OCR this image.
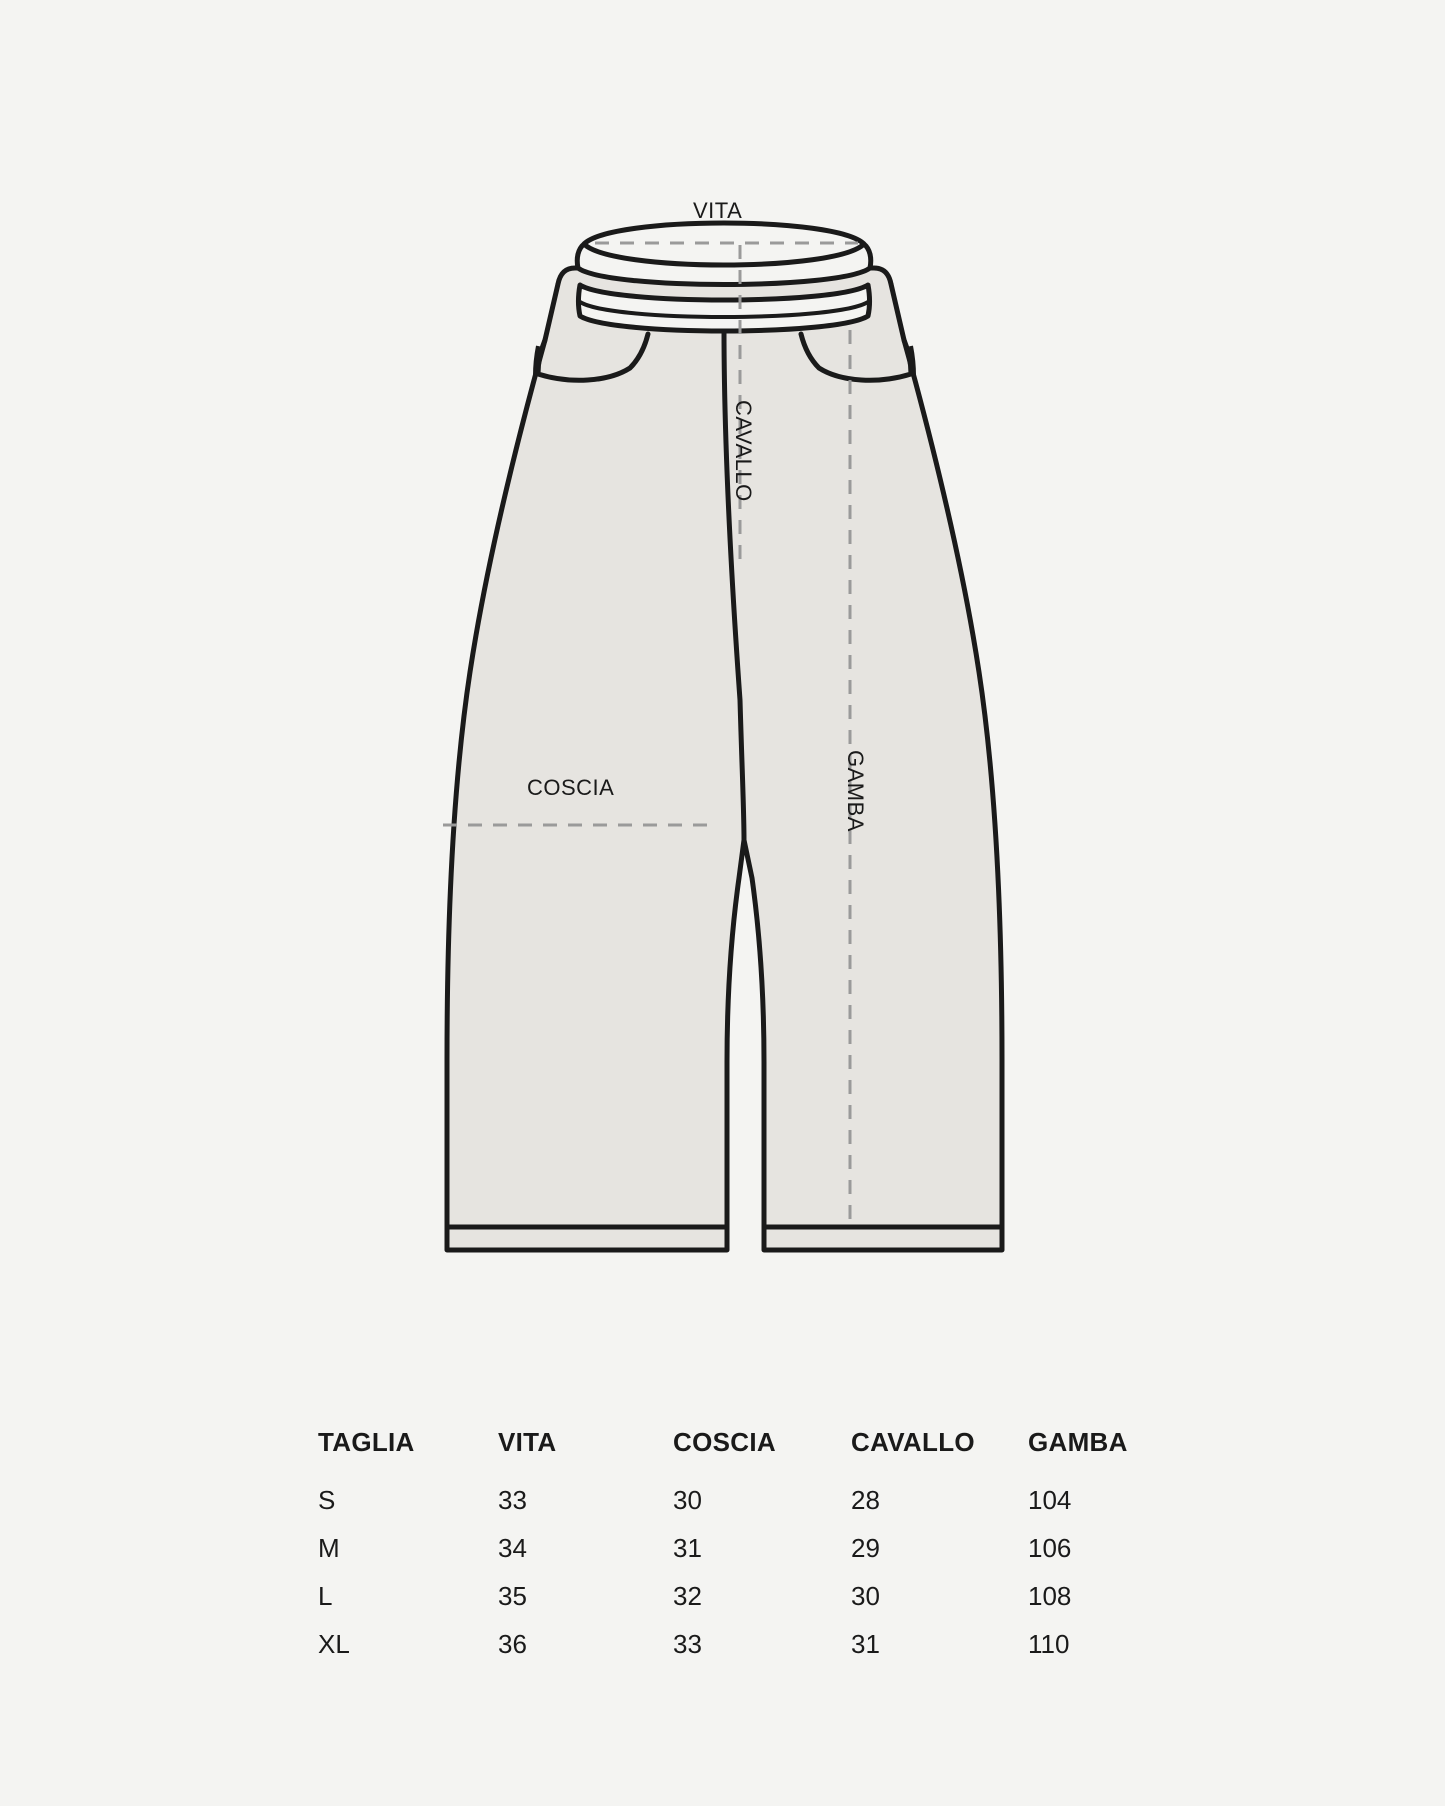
VITA
COSCIA
CAVALLO
GAMBA
TAGLIA	VITA	COSCIA	CAVALLO	GAMBA
S	33	30	28	104
M	34	31	29	106
L	35	32	30	108
XL	36	33	31	110
